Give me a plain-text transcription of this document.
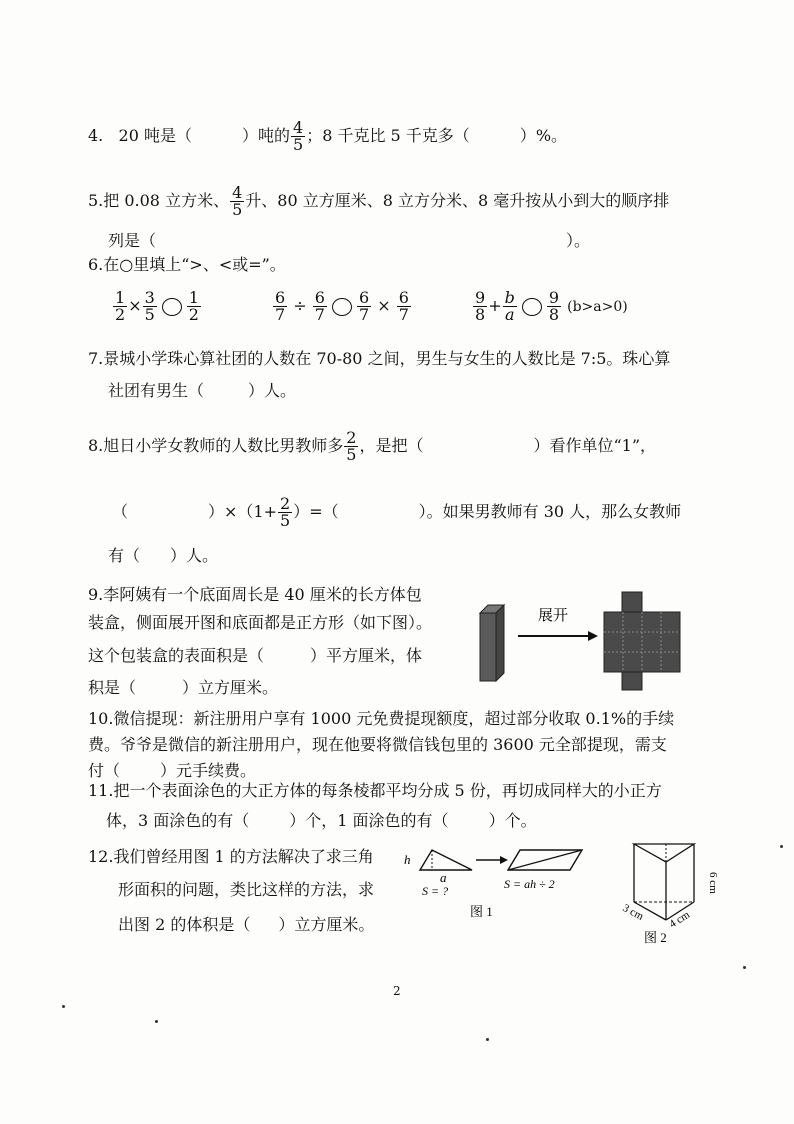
4. 20 吨是（	）吨的 $\frac{4}{5}$ ；8 千克比 5 千克多（	）%。
5.把 0.08 立方米、 $\frac{4}{5}$ 升、80 立方厘米、8 立方分米、8 毫升按从小到大的顺序排
列是（	）。
6.在○里填上“>、<或=”。
$\frac{1}{2} \times \frac{3}{5} \frac{1}{2}$	$\frac{6}{7} \div \frac{6}{7} \frac{6}{7} \times \frac{6}{7}$	$\frac{9}{8} + \frac{b}{a} \frac{9}{8} (b>a>0)$
7.景城小学珠心算社团的人数在 70-80 之间，男生与女生的人数比是 7:5。珠心算
社团有男生（	）人。
8.旭日小学女教师的人数比男教师多 $\frac{2}{5}$ ，是把（	）看作单位“1”，
（	）$\times(1+ \frac{2}{5}$ ）=（	）。如果男教师有 30 人，那么女教师
有（ ）人。
9.李阿姨有一个底面周长是 40 厘米的长方体包
装盒，侧面展开图和底面都是正方形（如下图）。
这个包装盒的表面积是（	）平方厘米，体
积是（	）立方厘米。
展开
10.微信提现：新注册用户享有 1000 元免费提现额度，超过部分收取 0.1%的手续
费。爷爷是微信的新注册用户，现在他要将微信钱包里的 3600 元全部提现，需支
付（	）元手续费。
11.把一个表面涂色的大正方体的每条棱都平均分成 5 份，再切成同样大的小正方
体，3 面涂色的有（	）个，1 面涂色的有（	）个。
12.我们曾经用图 1 的方法解决了求三角
形面积的问题，类比这样的方法，求
出图 2 的体积是（ ）立方厘米。
h
a
S = ?	S = ah ÷ 2
图 1
6 cm
3 cm 4 cm
图 2
2
